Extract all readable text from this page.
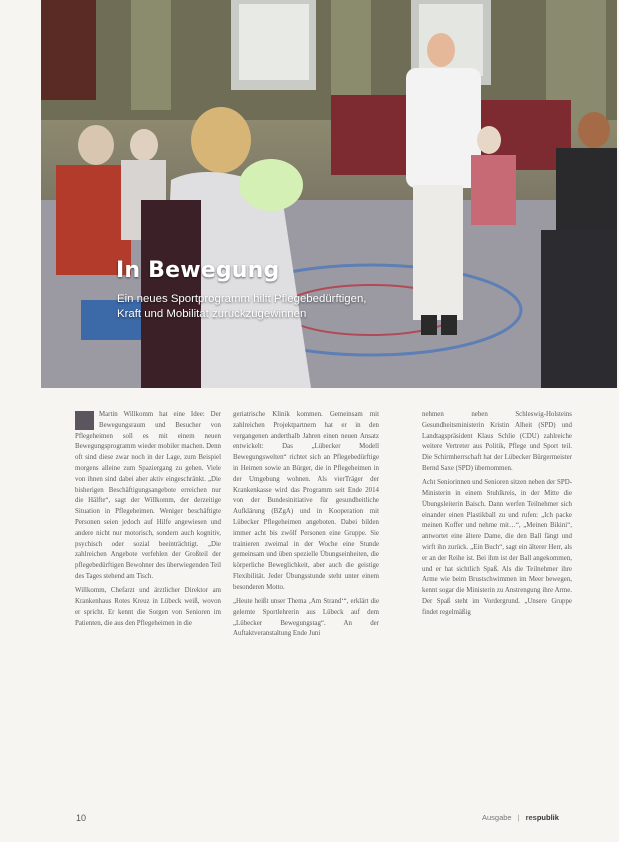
In Bewegung

Ein neues Sportprogramm hilft Pflegebedürftigen,
Kraft und Mobilität zurückzugewinnen

Martin Willkomm hat eine Idee: Der Bewegungsraum und Besucher von Pflegeheimen soll es mit einem neuen Bewegungsprogramm wieder mobiler machen. Denn oft sind diese zwar noch in der Lage, zum Beispiel morgens alleine zum Spaziergang zu gehen. Viele von ihnen sind dabei aber aktiv eingeschränkt. „Die bisherigen Beschäftigungsangebote erreichen nur die Hälfte“, sagt der Willkomm, der derzeitige Situation in Pflegeheimen. Weniger beschäftigte Personen seien jedoch auf Hilfe angewiesen und andere nicht nur motorisch, sondern auch kognitiv, psychisch oder sozial beeinträchtigt. „Die zahlreichen Angebote verfehlen der Großteil der pflegebedürftigen Bewohner des überwiegenden Teil des Tages stehend am Tisch.

Willkomm, Chefarzt und ärztlicher Direktor am Krankenhaus Rotes Kreuz in Lübeck weiß, wovon er spricht. Er kennt die Sorgen von Senioren im Patienten, die aus den Pflegeheimen in die

geriatrische Klinik kommen. Gemeinsam mit zahlreichen Projektpartnern hat er in den vergangenen anderthalb Jahren einen neuen Ansatz entwickelt: Das „Lübecker Modell Bewegungswelten“ richtet sich an Pflegebedürftige in Heimen sowie an Bürger, die in Pflegeheimen in der Umgebung wohnen. Als vierTräger der Krankenkasse wird das Programm seit Ende 2014 von der Bundesinitiative für gesundheitliche Aufklärung (BZgA) und in Kooperation mit Lübecker Pflegeheimen angeboten. Dabei bilden immer acht bis zwölf Personen eine Gruppe. Sie trainieren zweimal in der Woche eine Stunde gemeinsam und üben spezielle Übungseinheiten, die körperliche Beweglichkeit, aber auch die geistige Flexibilität. Jeder Übungsstunde steht unter einem besonderen Motto.

„Heute heißt unser Thema ‚Am Strand‘“, erklärt die gelernte Sportlehrerin aus Lübeck auf dem „Lübecker Bewegungstag“. An der Auftaktveranstaltung Ende Juni

nehmen neben Schleswig-Holsteins Gesundheitsministerin Kristin Alheit (SPD) und Landtagspräsident Klaus Schlie (CDU) zahlreiche weitere Vertreter aus Politik, Pflege und Sport teil. Die Schirmherrschaft hat der Lübecker Bürgermeister Bernd Saxe (SPD) übernommen.

Acht Seniorinnen und Senioren sitzen neben der SPD-Ministerin in einem Stuhlkreis, in der Mitte die Übungsleiterin Baisch. Dann werfen Teilnehmer sich einander einen Plastikball zu und rufen: „Ich packe meinen Koffer und nehme mit…“, „Meinen Bikini“, antwortet eine ältere Dame, die den Ball fängt und wirft ihn zurück. „Ein Buch“, sagt ein älterer Herr, als er an der Reihe ist. Bei ihm ist der Ball angekommen, und er hat sichtlich Spaß. Als die Teilnehmer ihre Arme wie beim Brustschwimmen im Meer bewegen, kennt sogar die Ministerin zu Anstrengung ihre Arme. Der Spaß steht im Vordergrund. „Unsere Gruppe findet regelmäßig

10	Ausgabe | respublik
